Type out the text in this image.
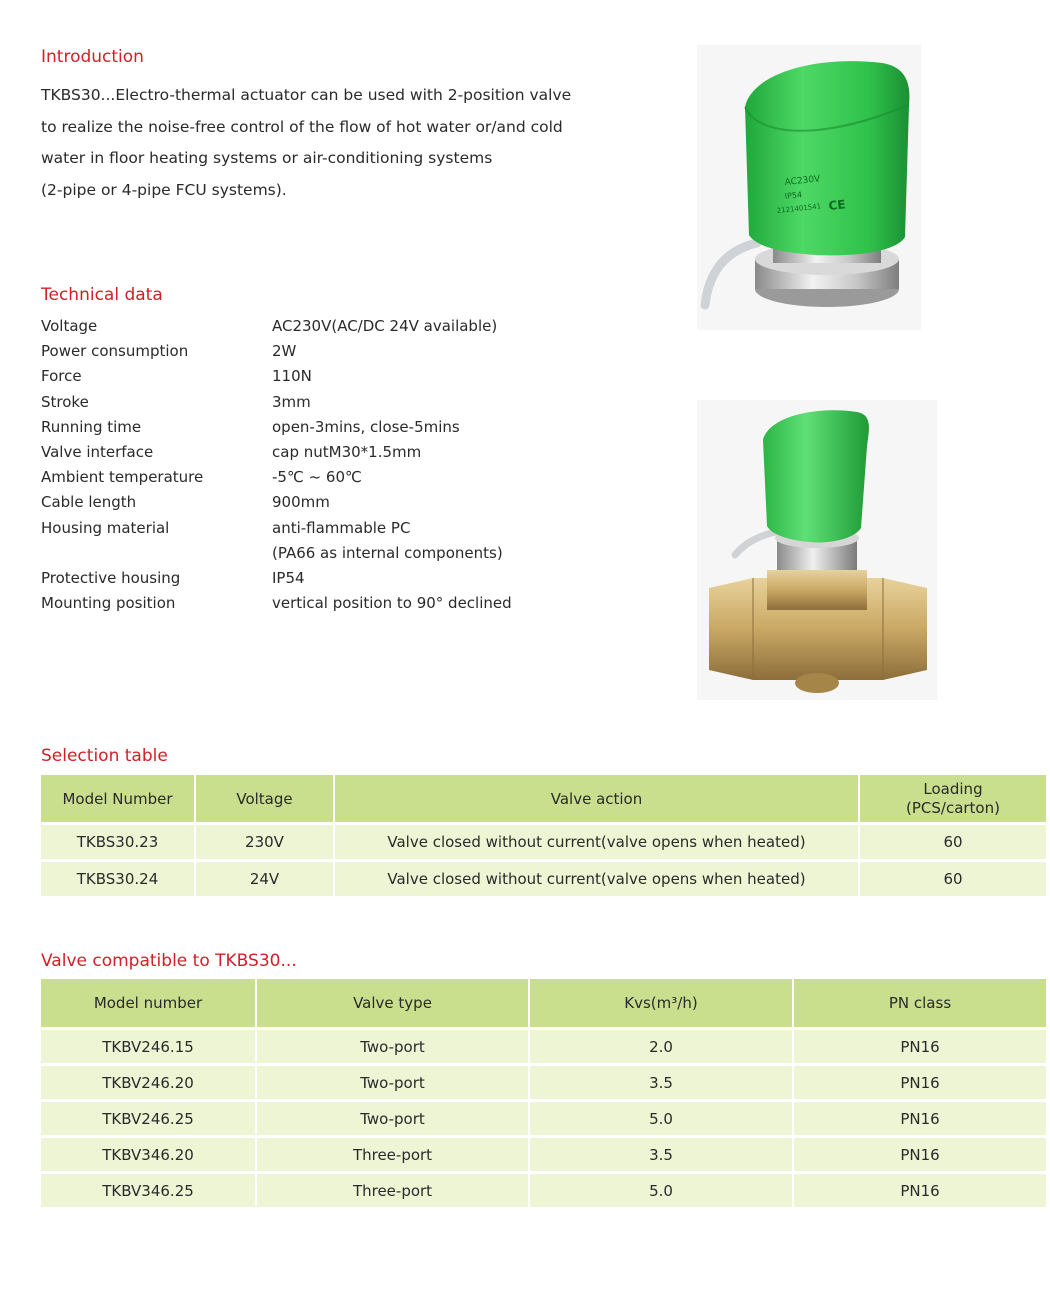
Introduction
TKBS30...Electro-thermal actuator can be used with 2-position valve
to realize the noise-free control of the flow of hot water or/and cold
water in floor heating systems or air-conditioning systems
(2-pipe or 4-pipe FCU systems).	AC230V
IP54
2121401541 CE
Technical data
Voltage	AC230V(AC/DC 24V available)
Power consumption	2W
Force	110N
Stroke	3mm
Running time	open-3mins, close-5mins
Valve interface	cap nutM30*1.5mm
Ambient temperature	-5℃ ~ 60℃
Cable length	900mm
Housing material	anti-flammable PC
(PA66 as internal components)
Protective housing	IP54
Mounting position	vertical position to 90° declined
Selection table
Model Number	Voltage	Valve action	Loading
(PCS/carton)

TKBS30.23	230V	Valve closed without current(valve opens when heated)	60
TKBS30.24	24V	Valve closed without current(valve opens when heated)	60
Valve compatible to TKBS30...
Model number	Valve type	Kvs(m³/h)	PN class
TKBV246.15	Two-port	2.0	PN16
TKBV246.20	Two-port	3.5	PN16
TKBV246.25	Two-port	5.0	PN16
TKBV346.20	Three-port	3.5	PN16
TKBV346.25	Three-port	5.0	PN16
